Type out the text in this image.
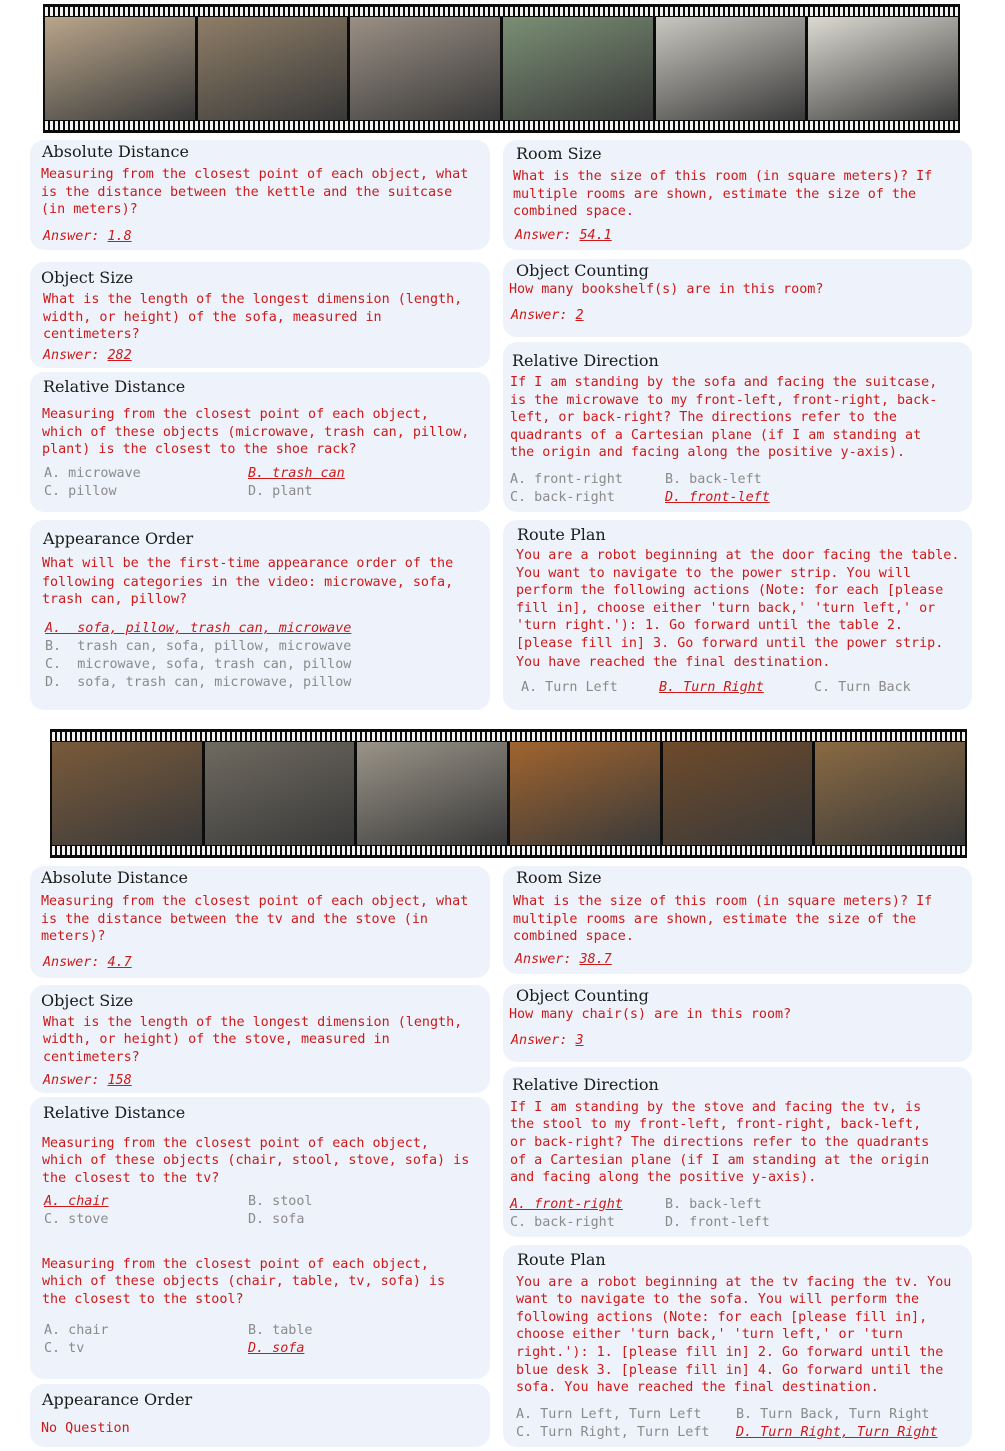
Absolute Distance
Measuring from the closest point of each object, what
is the distance between the kettle and the suitcase
(in meters)?
Answer: 1.8
Object Size
What is the length of the longest dimension (length,
width, or height) of the sofa, measured in
centimeters?
Answer: 282
Relative Distance
Measuring from the closest point of each object,
which of these objects (microwave, trash can, pillow,
plant) is the closest to the shoe rack?
A. microwave	B. trash can
C. pillow	D. plant
Appearance Order
What will be the first-time appearance order of the
following categories in the video: microwave, sofa,
trash can, pillow?
A.  sofa, pillow, trash can, microwave
B.  trash can, sofa, pillow, microwave
C.  microwave, sofa, trash can, pillow
D.  sofa, trash can, microwave, pillow
Room Size
What is the size of this room (in square meters)? If
multiple rooms are shown, estimate the size of the
combined space.
Answer: 54.1
Object Counting
How many bookshelf(s) are in this room?
Answer: 2
Relative Direction
If I am standing by the sofa and facing the suitcase,
is the microwave to my front-left, front-right, back-
left, or back-right? The directions refer to the
quadrants of a Cartesian plane (if I am standing at
the origin and facing along the positive y-axis).
A. front-right	B. back-left
C. back-right	D. front-left
Route Plan
You are a robot beginning at the door facing the table.
You want to navigate to the power strip. You will
perform the following actions (Note: for each [please
fill in], choose either 'turn back,' 'turn left,' or
'turn right.'): 1. Go forward until the table 2.
[please fill in] 3. Go forward until the power strip.
You have reached the final destination.
A. Turn Left	B. Turn Right	C. Turn Back
Absolute Distance
Measuring from the closest point of each object, what
is the distance between the tv and the stove (in
meters)?
Answer: 4.7
Object Size
What is the length of the longest dimension (length,
width, or height) of the stove, measured in
centimeters?
Answer: 158
Relative Distance
Measuring from the closest point of each object,
which of these objects (chair, stool, stove, sofa) is
the closest to the tv?
A. chair	B. stool
C. stove	D. sofa
Measuring from the closest point of each object,
which of these objects (chair, table, tv, sofa) is
the closest to the stool?
A. chair	B. table
C. tv	D. sofa
Appearance Order
No Question
Room Size
What is the size of this room (in square meters)? If
multiple rooms are shown, estimate the size of the
combined space.
Answer: 38.7
Object Counting
How many chair(s) are in this room?
Answer: 3
Relative Direction
If I am standing by the stove and facing the tv, is
the stool to my front-left, front-right, back-left,
or back-right? The directions refer to the quadrants
of a Cartesian plane (if I am standing at the origin
and facing along the positive y-axis).
A. front-right	B. back-left
C. back-right	D. front-left
Route Plan
You are a robot beginning at the tv facing the tv. You
want to navigate to the sofa. You will perform the
following actions (Note: for each [please fill in],
choose either 'turn back,' 'turn left,' or 'turn
right.'): 1. [please fill in] 2. Go forward until the
blue desk 3. [please fill in] 4. Go forward until the
sofa. You have reached the final destination.
A. Turn Left, Turn Left	B. Turn Back, Turn Right
C. Turn Right, Turn Left D. Turn Right, Turn Right
